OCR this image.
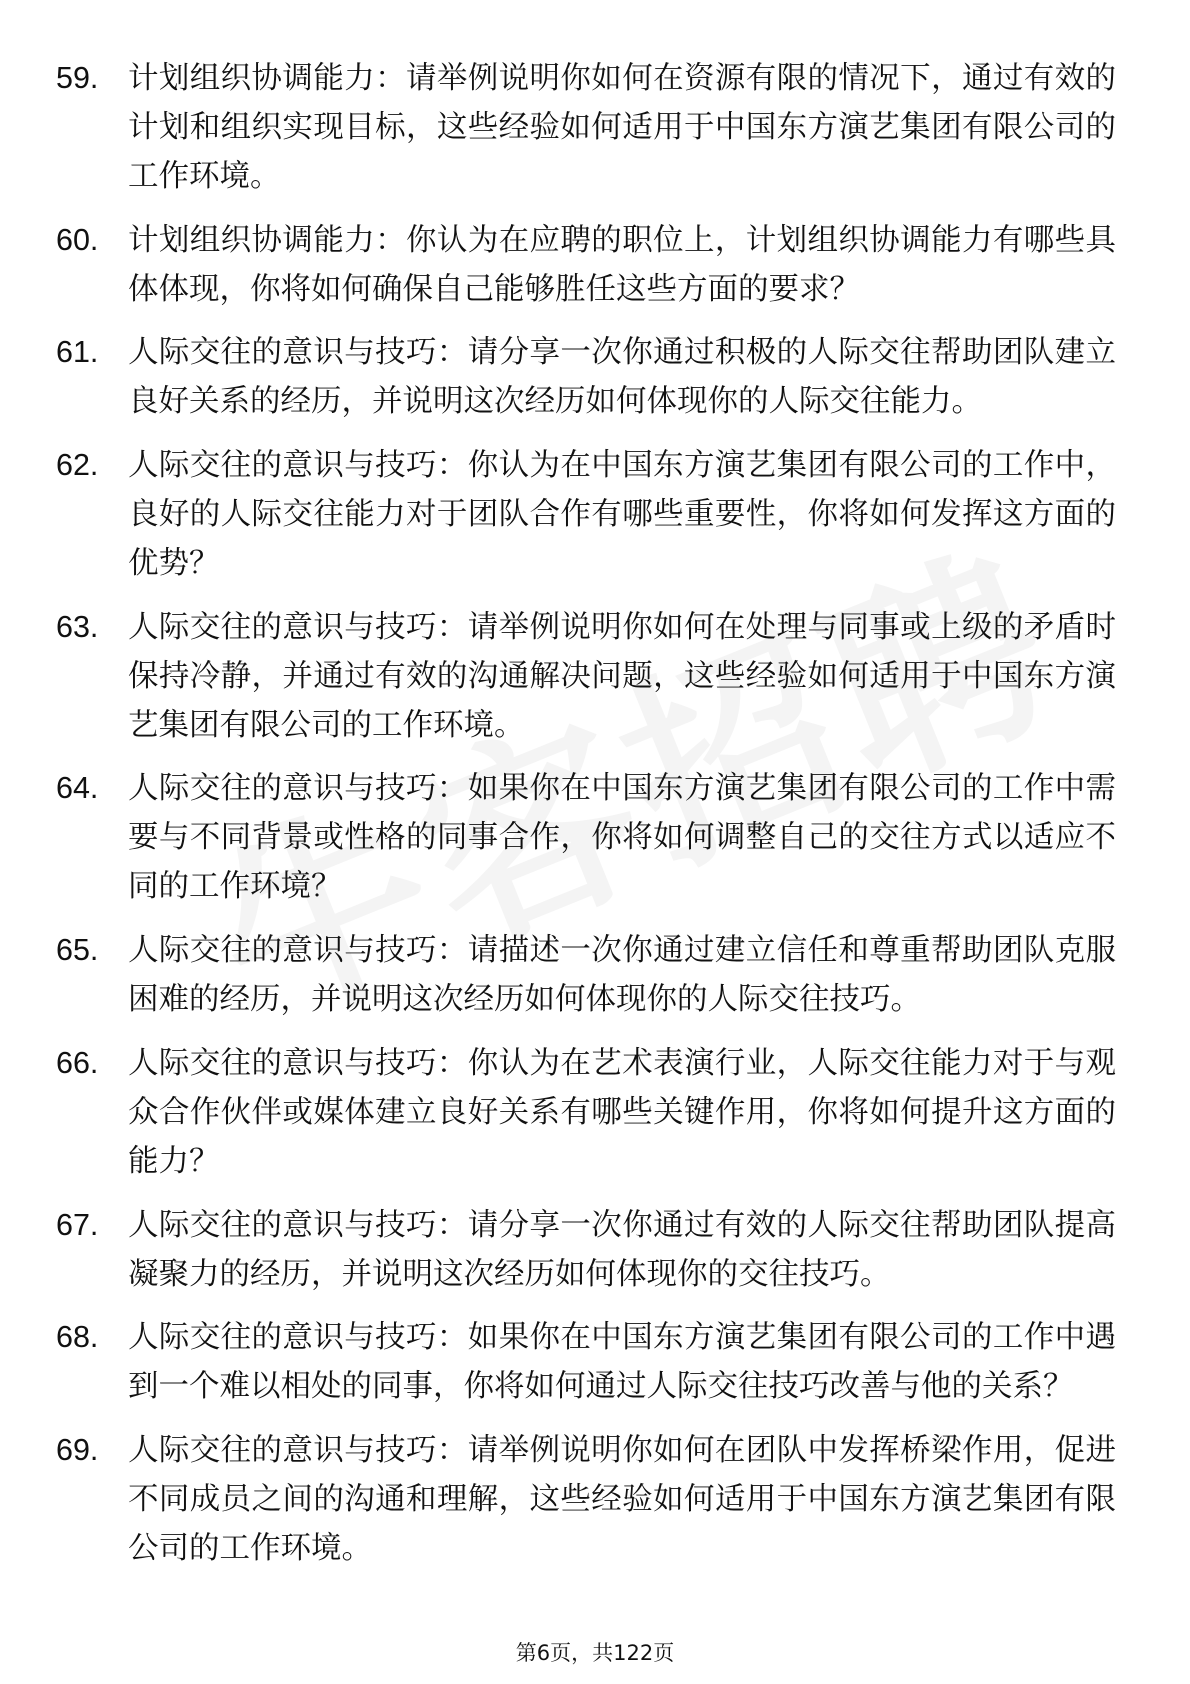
59. 计划组织协调能力：请举例说明你如何在资源有限的情况下，通过有效的计划和组织实现目标，这些经验如何适用于中国东方演艺集团有限公司的工作环境。
60. 计划组织协调能力：你认为在应聘的职位上，计划组织协调能力有哪些具体体现，你将如何确保自己能够胜任这些方面的要求？
61. 人际交往的意识与技巧：请分享一次你通过积极的人际交往帮助团队建立良好关系的经历，并说明这次经历如何体现你的人际交往能力。
62. 人际交往的意识与技巧：你认为在中国东方演艺集团有限公司的工作中，良好的人际交往能力对于团队合作有哪些重要性，你将如何发挥这方面的优势？
63. 人际交往的意识与技巧：请举例说明你如何在处理与同事或上级的矛盾时保持冷静，并通过有效的沟通解决问题，这些经验如何适用于中国东方演艺集团有限公司的工作环境。
64. 人际交往的意识与技巧：如果你在中国东方演艺集团有限公司的工作中需要与不同背景或性格的同事合作，你将如何调整自己的交往方式以适应不同的工作环境？
65. 人际交往的意识与技巧：请描述一次你通过建立信任和尊重帮助团队克服困难的经历，并说明这次经历如何体现你的人际交往技巧。
66. 人际交往的意识与技巧：你认为在艺术表演行业，人际交往能力对于与观众合作伙伴或媒体建立良好关系有哪些关键作用，你将如何提升这方面的能力？
67. 人际交往的意识与技巧：请分享一次你通过有效的人际交往帮助团队提高凝聚力的经历，并说明这次经历如何体现你的交往技巧。
68. 人际交往的意识与技巧：如果你在中国东方演艺集团有限公司的工作中遇到一个难以相处的同事，你将如何通过人际交往技巧改善与他的关系？
69. 人际交往的意识与技巧：请举例说明你如何在团队中发挥桥梁作用，促进不同成员之间的沟通和理解，这些经验如何适用于中国东方演艺集团有限公司的工作环境。
第6页，共122页
